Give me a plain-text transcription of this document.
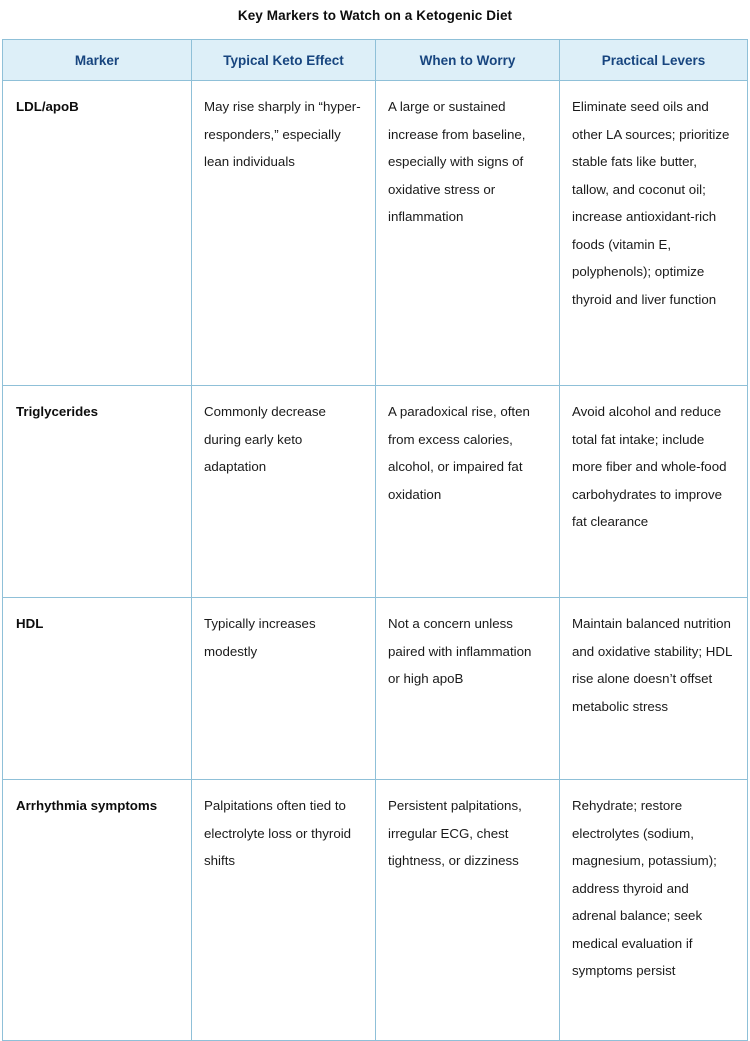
Key Markers to Watch on a Ketogenic Diet
Marker	Typical Keto Effect	When to Worry	Practical Levers
LDL/apoB	May rise sharply in “hyper-responders,” especially lean individuals	A large or sustained increase from baseline, especially with signs of oxidative stress or inflammation	Eliminate seed oils and other LA sources; prioritize stable fats like butter, tallow, and coconut oil; increase antioxidant-rich foods (vitamin E, polyphenols); optimize thyroid and liver function
Triglycerides	Commonly decrease during early keto adaptation	A paradoxical rise, often from excess calories, alcohol, or impaired fat oxidation	Avoid alcohol and reduce total fat intake; include more fiber and whole-food carbohydrates to improve fat clearance
HDL	Typically increases modestly	Not a concern unless paired with inflammation or high apoB	Maintain balanced nutrition and oxidative stability; HDL rise alone doesn’t offset metabolic stress
Arrhythmia symptoms	Palpitations often tied to electrolyte loss or thyroid shifts	Persistent palpitations, irregular ECG, chest tightness, or dizziness	Rehydrate; restore electrolytes (sodium, magnesium, potassium); address thyroid and adrenal balance; seek medical evaluation if symptoms persist
